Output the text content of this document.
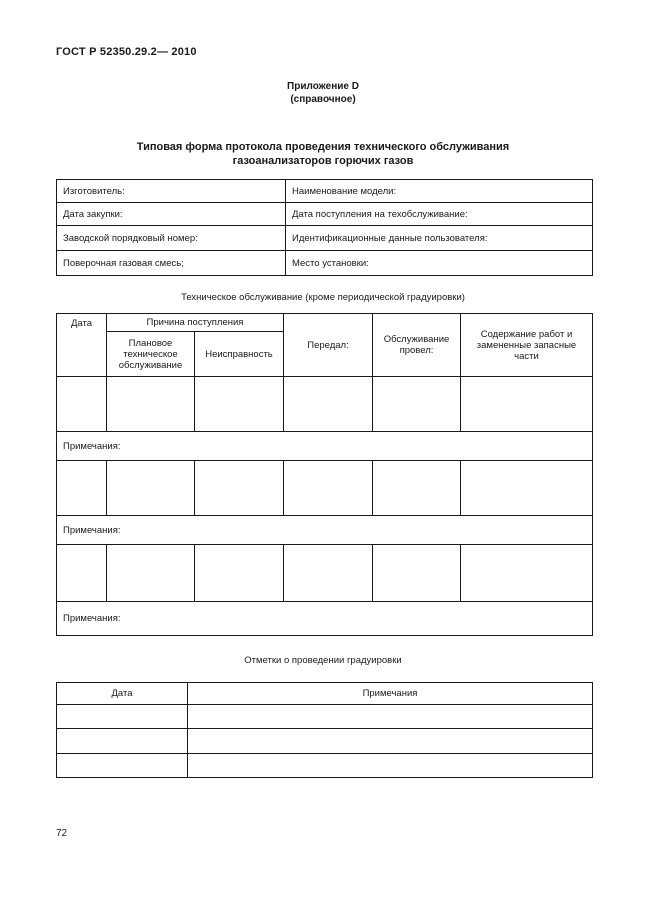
ГОСТ Р 52350.29.2— 2010
Приложение D
(справочное)
Типовая форма протокола проведения технического обслуживания
газоанализаторов горючих газов
Изготовитель:	Наименование модели:
Дата закупки:	Дата поступления на техобслуживание:
Заводской порядковый номер:	Идентификационные данные пользователя:
Поверочная газовая смесь;	Место установки:
Техническое обслуживание (кроме периодической градуировки)
Дата	Причина поступления		Передал:	Обслуживание провел:	Содержание работ и замененные запасные части
	Плановое техническое обслуживание	Неисправность			

Примечания:					

Примечания:					

Примечания:					
Отметки о проведении градуировки
Дата	Примечания

72
